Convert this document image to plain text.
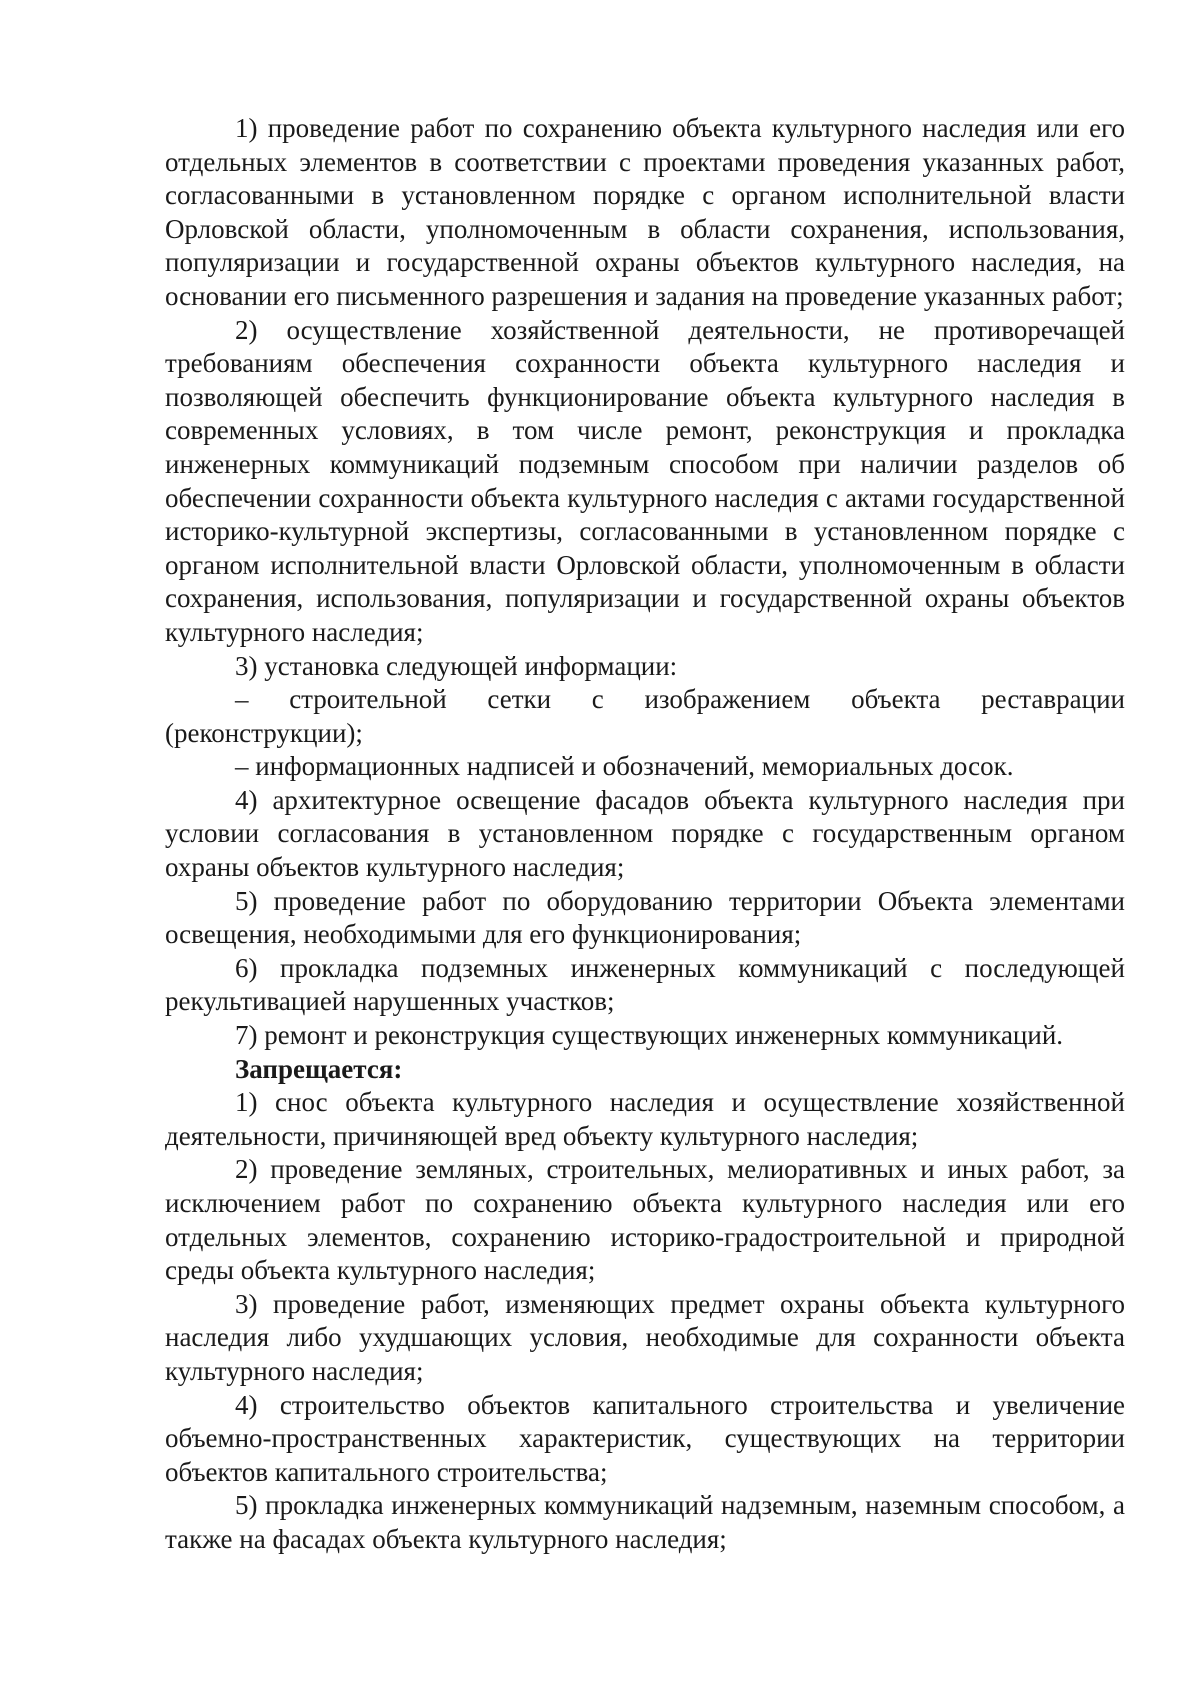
1) проведение работ по сохранению объекта культурного наследия или его отдельных элементов в соответствии с проектами проведения указанных работ, согласованными в установленном порядке с органом исполнительной власти Орловской области, уполномоченным в области сохранения, использования, популяризации и государственной охраны объектов культурного наследия, на основании его письменного разрешения и задания на проведение указанных работ;

2) осуществление хозяйственной деятельности, не противоречащей требованиям обеспечения сохранности объекта культурного наследия и позволяющей обеспечить функционирование объекта культурного наследия в современных условиях, в том числе ремонт, реконструкция и прокладка инженерных коммуникаций подземным способом при наличии разделов об обеспечении сохранности объекта культурного наследия с актами государственной историко-культурной экспертизы, согласованными в установленном порядке с органом исполнительной власти Орловской области, уполномоченным в области сохранения, использования, популяризации и государственной охраны объектов культурного наследия;

3) установка следующей информации:

– строительной сетки с изображением объекта реставрации (реконструкции);

– информационных надписей и обозначений, мемориальных досок.

4) архитектурное освещение фасадов объекта культурного наследия при условии согласования в установленном порядке с государственным органом охраны объектов культурного наследия;

5) проведение работ по оборудованию территории Объекта элементами освещения, необходимыми для его функционирования;

6) прокладка подземных инженерных коммуникаций с последующей рекультивацией нарушенных участков;

7) ремонт и реконструкция существующих инженерных коммуникаций.

Запрещается:

1) снос объекта культурного наследия и осуществление хозяйственной деятельности, причиняющей вред объекту культурного наследия;

2) проведение земляных, строительных, мелиоративных и иных работ, за исключением работ по сохранению объекта культурного наследия или его отдельных элементов, сохранению историко-градостроительной и природной среды объекта культурного наследия;

3) проведение работ, изменяющих предмет охраны объекта культурного наследия либо ухудшающих условия, необходимые для сохранности объекта культурного наследия;

4) строительство объектов капитального строительства и увеличение объемно-пространственных характеристик, существующих на территории объектов капитального строительства;

5) прокладка инженерных коммуникаций надземным, наземным способом, а также на фасадах объекта культурного наследия;
